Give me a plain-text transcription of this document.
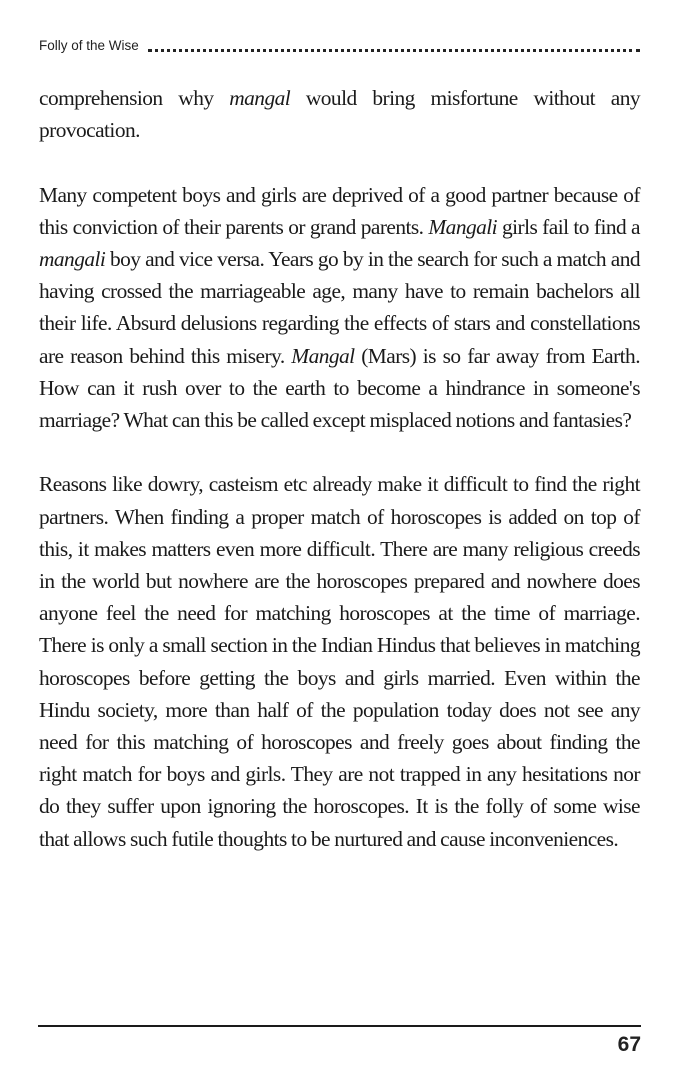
Folly of the Wise

comprehension why mangal would bring misfortune without any provocation.

Many competent boys and girls are deprived of a good partner because of this conviction of their parents or grand parents. Mangali girls fail to find a mangali boy and vice versa. Years go by in the search for such a match and having crossed the marriageable age, many have to remain bachelors all their life. Absurd delusions regarding the effects of stars and constellations are reason behind this misery. Mangal (Mars) is so far away from Earth. How can it rush over to the earth to become a hindrance in someone's marriage? What can this be called except misplaced notions and fantasies?

Reasons like dowry, casteism etc already make it difficult to find the right partners. When finding a proper match of horoscopes is added on top of this, it makes matters even more difficult. There are many religious creeds in the world but nowhere are the horoscopes prepared and nowhere does anyone feel the need for matching horoscopes at the time of marriage. There is only a small section in the Indian Hindus that believes in matching horoscopes before getting the boys and girls married. Even within the Hindu society, more than half of the population today does not see any need for this matching of horoscopes and freely goes about finding the right match for boys and girls. They are not trapped in any hesitations nor do they suffer upon ignoring the horoscopes. It is the folly of some wise that allows such futile thoughts to be nurtured and cause inconveniences.

67
